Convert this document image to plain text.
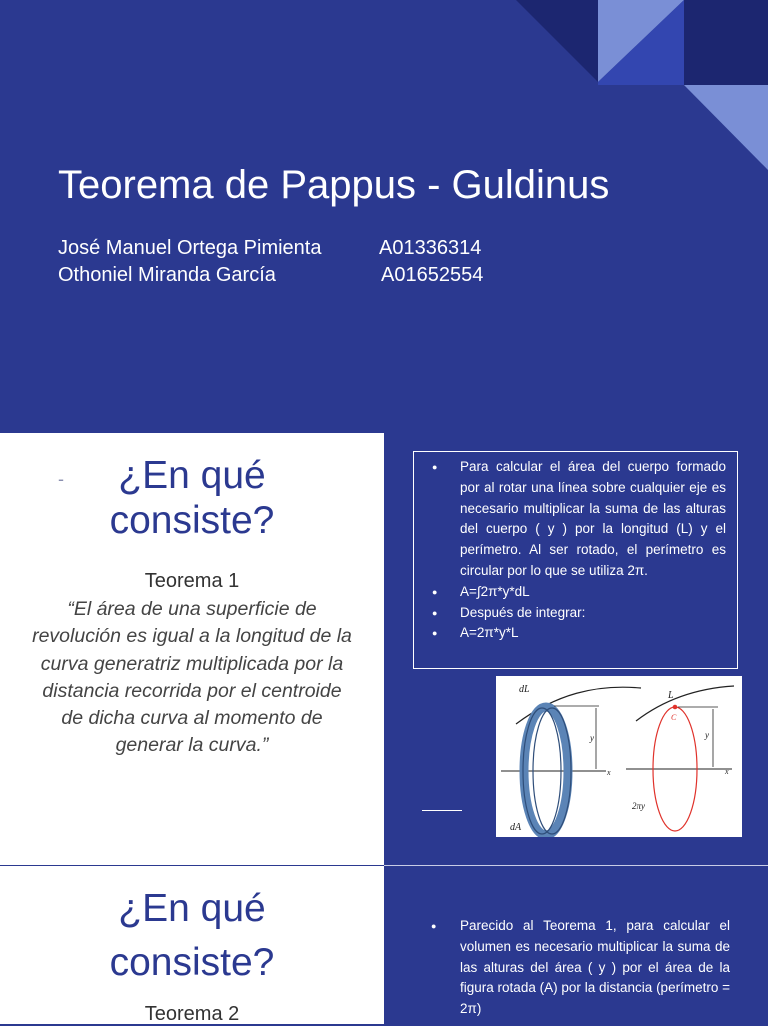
Teorema de Pappus - Guldinus
José Manuel Ortega Pimienta	A01336314
Othoniel Miranda García	A01652554
-	¿En qué
consiste?
Teorema 1

“El área de una superficie de revolución es igual a la longitud de la curva generatriz multiplicada por la distancia recorrida por el centroide de dicha curva al momento de generar la curva.”

● Para calcular el área del cuerpo formado por al rotar una línea sobre cualquier eje es necesario multiplicar la suma de las alturas del cuerpo ( y ) por la longitud (L) y el perímetro. Al ser rotado, el perímetro es circular por lo que se utiliza 2π.
● A=∫2π*y*dL
● Después de integrar:
● A=2π*y*L
dL
y
x
dA
L
C
y
x
2πy
¿En qué
consiste?
Teorema 2
● Parecido al Teorema 1, para calcular el volumen es necesario multiplicar la suma de las alturas del área ( y ) por el área de la figura rotada (A) por la distancia (perímetro = 2π)
